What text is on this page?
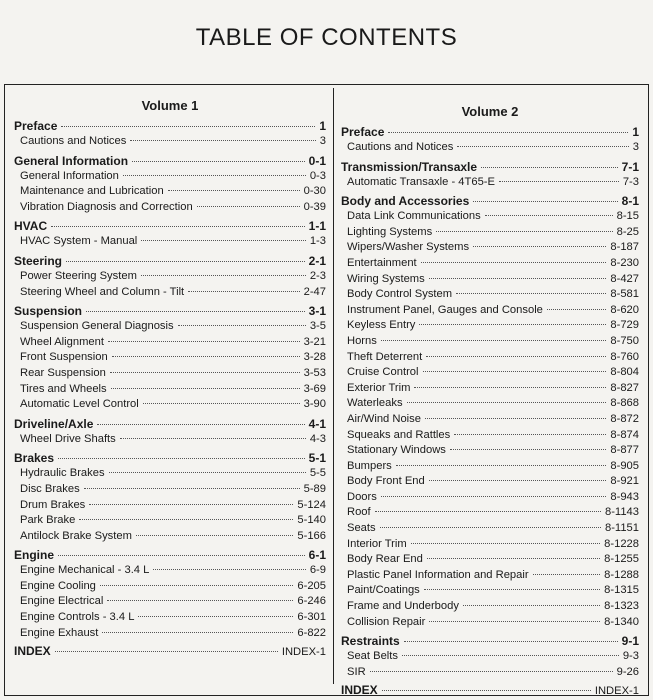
TABLE OF CONTENTS
Volume 1
Preface	1
Cautions and Notices	3
General Information	0-1
General Information	0-3
Maintenance and Lubrication	0-30
Vibration Diagnosis and Correction	0-39
HVAC	1-1
HVAC System - Manual	1-3
Steering	2-1
Power Steering System	2-3
Steering Wheel and Column - Tilt	2-47
Suspension	3-1
Suspension General Diagnosis	3-5
Wheel Alignment	3-21
Front Suspension	3-28
Rear Suspension	3-53
Tires and Wheels	3-69
Automatic Level Control	3-90
Driveline/Axle	4-1
Wheel Drive Shafts	4-3
Brakes	5-1
Hydraulic Brakes	5-5
Disc Brakes	5-89
Drum Brakes	5-124
Park Brake	5-140
Antilock Brake System	5-166
Engine	6-1
Engine Mechanical - 3.4 L	6-9
Engine Cooling	6-205
Engine Electrical	6-246
Engine Controls - 3.4 L	6-301
Engine Exhaust	6-822
INDEX	INDEX-1
Volume 2
Preface	1
Cautions and Notices	3
Transmission/Transaxle	7-1
Automatic Transaxle - 4T65-E	7-3
Body and Accessories	8-1
Data Link Communications	8-15
Lighting Systems	8-25
Wipers/Washer Systems	8-187
Entertainment	8-230
Wiring Systems	8-427
Body Control System	8-581
Instrument Panel, Gauges and Console	8-620
Keyless Entry	8-729
Horns	8-750
Theft Deterrent	8-760
Cruise Control	8-804
Exterior Trim	8-827
Waterleaks	8-868
Air/Wind Noise	8-872
Squeaks and Rattles	8-874
Stationary Windows	8-877
Bumpers	8-905
Body Front End	8-921
Doors	8-943
Roof	8-1143
Seats	8-1151
Interior Trim	8-1228
Body Rear End	8-1255
Plastic Panel Information and Repair	8-1288
Paint/Coatings	8-1315
Frame and Underbody	8-1323
Collision Repair	8-1340
Restraints	9-1
Seat Belts	9-3
SIR	9-26
INDEX	INDEX-1
